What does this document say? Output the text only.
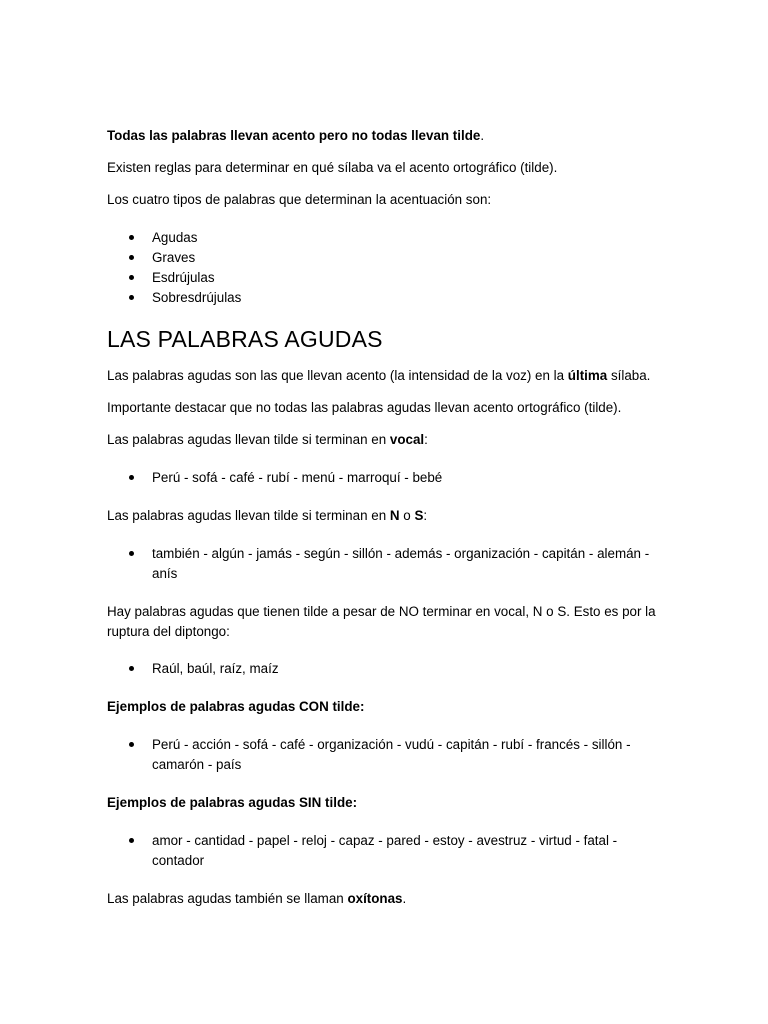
Todas las palabras llevan acento pero no todas llevan tilde.

Existen reglas para determinar en qué sílaba va el acento ortográfico (tilde).

Los cuatro tipos de palabras que determinan la acentuación son:

Agudas
Graves
Esdrújulas
Sobresdrújulas
LAS PALABRAS AGUDAS

Las palabras agudas son las que llevan acento (la intensidad de la voz) en la última sílaba.

Importante destacar que no todas las palabras agudas llevan acento ortográfico (tilde).

Las palabras agudas llevan tilde si terminan en vocal:

Perú - sofá - café - rubí - menú - marroquí - bebé

Las palabras agudas llevan tilde si terminan en N o S:

también - algún - jamás - según - sillón - además - organización - capitán - alemán - anís

Hay palabras agudas que tienen tilde a pesar de NO terminar en vocal, N o S. Esto es por la ruptura del diptongo:

Raúl, baúl, raíz, maíz

Ejemplos de palabras agudas CON tilde:

Perú - acción - sofá - café - organización - vudú - capitán - rubí - francés - sillón - camarón - país

Ejemplos de palabras agudas SIN tilde:

amor - cantidad - papel - reloj - capaz - pared - estoy - avestruz - virtud - fatal - contador

Las palabras agudas también se llaman oxítonas.
